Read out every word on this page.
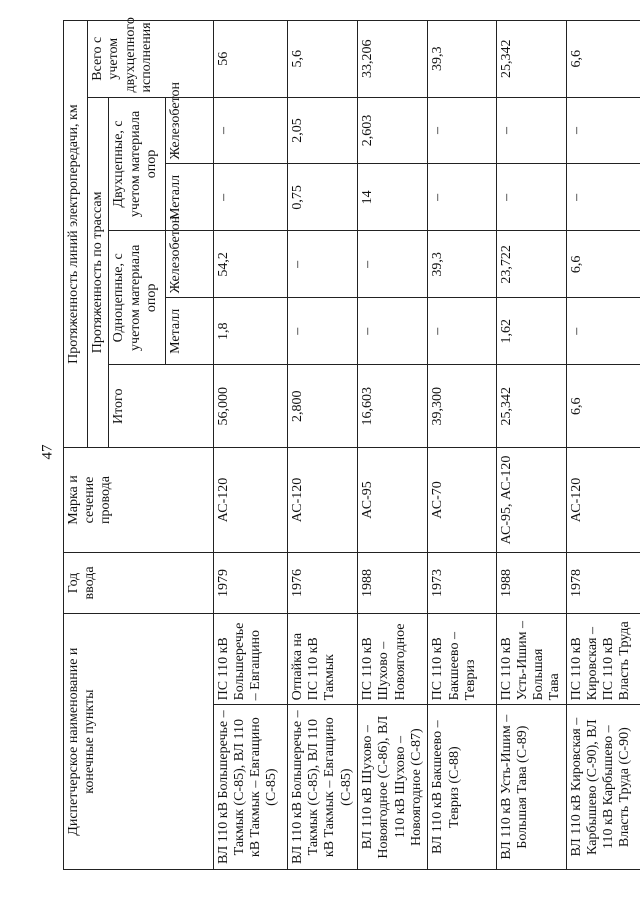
47
Диспетчерское наименование и конечные пункты		Год ввода	Марка и сечение провода	Протяженность линий электропередачи, км					
				Протяженность по трассам					Всего с учетом двухцепного исполнения
				Итого	Одноцепные, с учетом материала опор		Двухцепные, с учетом материала опор		
					Металл	Железобетон	Металл	Железобетон	
ВЛ 110 кВ Большеречье – Такмык (С-85), ВЛ 110 кВ Такмык – Евгащино (С-85)	ПС 110 кВ Большеречье – Евгащино	1979	АС-120	56,000	1,8	54,2	–	–	56
ВЛ 110 кВ Большеречье – Такмык (С-85), ВЛ 110 кВ Такмык – Евгащино (С-85)	Отпайка на ПС 110 кВ Такмык	1976	АС-120	2,800	–	–	0,75	2,05	5,6
ВЛ 110 кВ Шухово – Новоягодное (С-86), ВЛ 110 кВ Шухово – Новоягодное (С-87)	ПС 110 кВ Шухово – Новоягодное	1988	АС-95	16,603	–	–	14	2,603	33,206
ВЛ 110 кВ Бакшеево – Тевриз (С-88)	ПС 110 кВ Бакшеево – Тевриз	1973	АС-70	39,300	–	39,3	–	–	39,3
ВЛ 110 кВ Усть-Ишим – Большая Тава (С-89)	ПС 110 кВ Усть-Ишим – Большая Тава	1988	АС-95, АС-120	25,342	1,62	23,722	–	–	25,342
ВЛ 110 кВ Кировская – Карбышево (С-90), ВЛ 110 кВ Карбышево – Власть Труда (С-90)	ПС 110 кВ Кировская – ПС 110 кВ Власть Труда	1978	АС-120	6,6	–	6,6	–	–	6,6
